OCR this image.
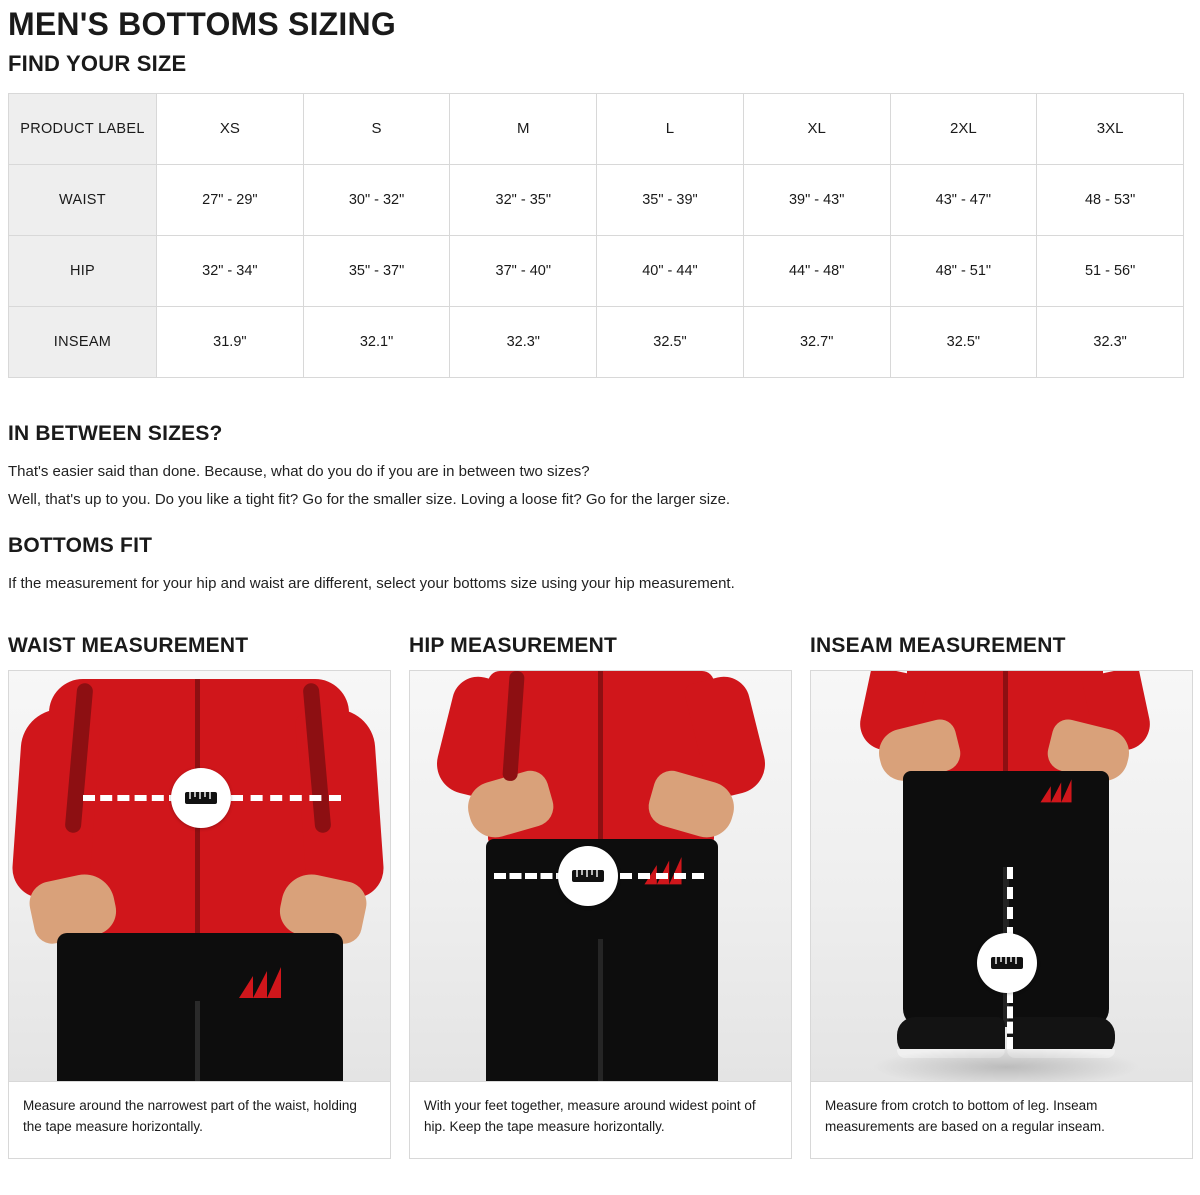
MEN'S BOTTOMS SIZING
FIND YOUR SIZE
PRODUCT LABEL	XS	S	M	L	XL	2XL	3XL
WAIST	27" - 29"	30" - 32"	32" - 35"	35" - 39"	39" - 43"	43" - 47"	48 - 53"
HIP	32" - 34"	35" - 37"	37" - 40"	40" - 44"	44" - 48"	48" - 51"	51 - 56"
INSEAM	31.9"	32.1"	32.3"	32.5"	32.7"	32.5"	32.3"
IN BETWEEN SIZES?

That's easier said than done. Because, what do you do if you are in between two sizes?

Well, that's up to you. Do you like a tight fit? Go for the smaller size. Loving a loose fit? Go for the larger size.

BOTTOMS FIT

If the measurement for your hip and waist are different, select your bottoms size using your hip measurement.

WAIST MEASUREMENT
Measure around the narrowest part of the waist, holding the tape measure horizontally.
HIP MEASUREMENT
With your feet together, measure around widest point of hip. Keep the tape measure horizontally.
INSEAM MEASUREMENT
Measure from crotch to bottom of leg. Inseam measurements are based on a regular inseam.
